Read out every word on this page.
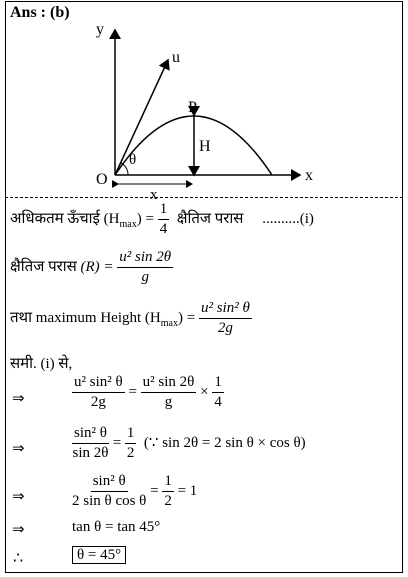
Ans : (b)
y
x
O
u
P
H
θ
x
अधिकतम ऊँचाई $(H_{max}) = \frac{1}{4}$ क्षैतिज परास ..........(i)
क्षैतिज परास $(R) = \frac{\text{u² sin 2θ}}{g}$
तथा maximum Height $(H_{max}) = \frac{\text{u² sin² θ}}{2g}$
समी. (i) से,
⇒	$\frac{\text{u² sin² θ}}{2g} = \frac{\text{u² sin 2θ}}{g} \times \frac{1}{4}$
⇒	$\frac{\text{sin² θ}}{\sin 2\theta} = \frac{1}{2}$ (∵ sin 2θ = 2 sin θ × cos θ)
⇒	$\frac{\text{sin² θ}}{\text{2 sin θ cos θ}} = \frac{1}{2} = 1$
⇒	tan θ = tan 45°
∴	θ = 45°
